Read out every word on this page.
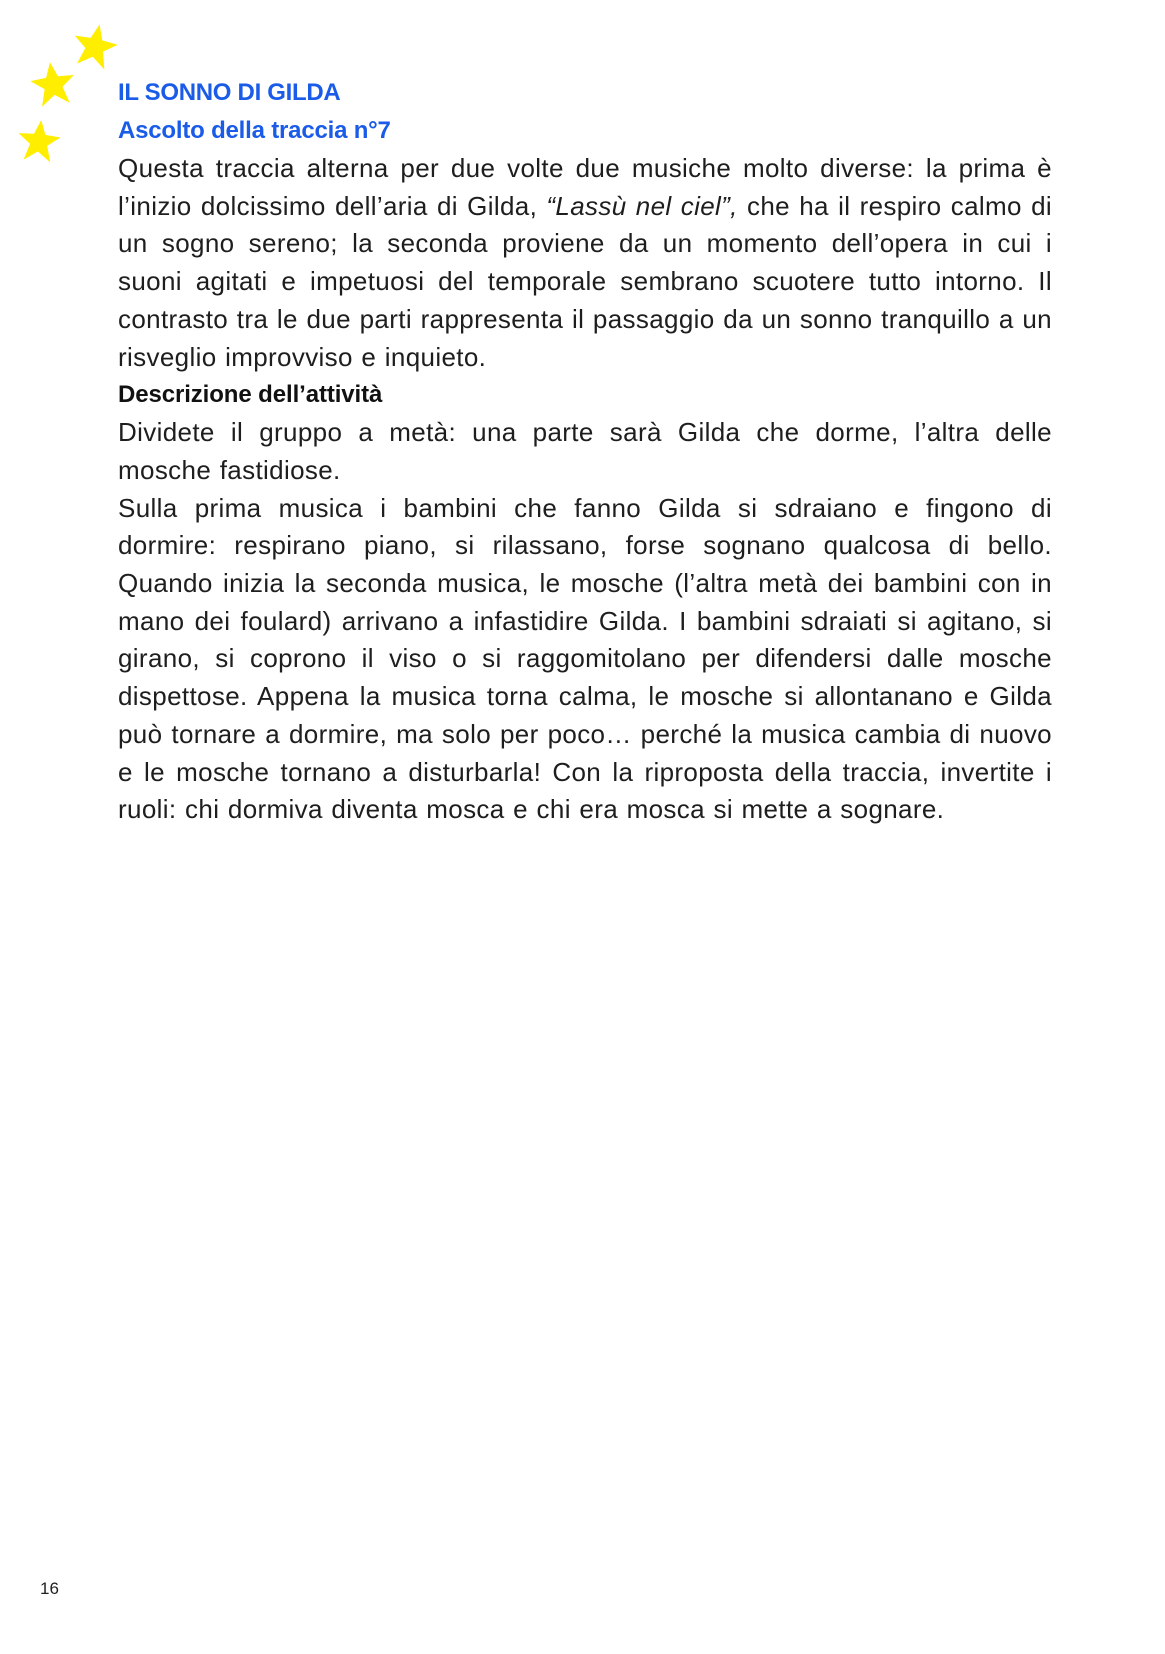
IL SONNO DI GILDA
Ascolto della traccia n°7

Questa traccia alterna per due volte due musiche molto diverse: la prima è l’inizio dolcissimo dell’aria di Gilda, “Lassù nel ciel”, che ha il respiro calmo di un sogno sereno; la seconda proviene da un momento dell’opera in cui i suoni agitati e impetuosi del temporale sembrano scuotere tutto intorno. Il contrasto tra le due parti rappresenta il passaggio da un sonno tranquillo a un risveglio improvviso e inquieto.

Descrizione dell’attività

Dividete il gruppo a metà: una parte sarà Gilda che dorme, l’altra delle mosche fastidiose.

Sulla prima musica i bambini che fanno Gilda si sdraiano e fingono di dormire: respirano piano, si rilassano, forse sognano qualcosa di bello. Quando inizia la seconda musica, le mosche (l’altra metà dei bambini con in mano dei foulard) arrivano a infastidire Gilda. I bambini sdraiati si agitano, si girano, si coprono il viso o si raggomitolano per difendersi dalle mosche dispettose. Appena la musica torna calma, le mosche si allontanano e Gilda può tornare a dormire, ma solo per poco… perché la musica cambia di nuovo e le mosche tornano a disturbarla! Con la riproposta della traccia, invertite i ruoli: chi dormiva diventa mosca e chi era mosca si mette a sognare.

16
